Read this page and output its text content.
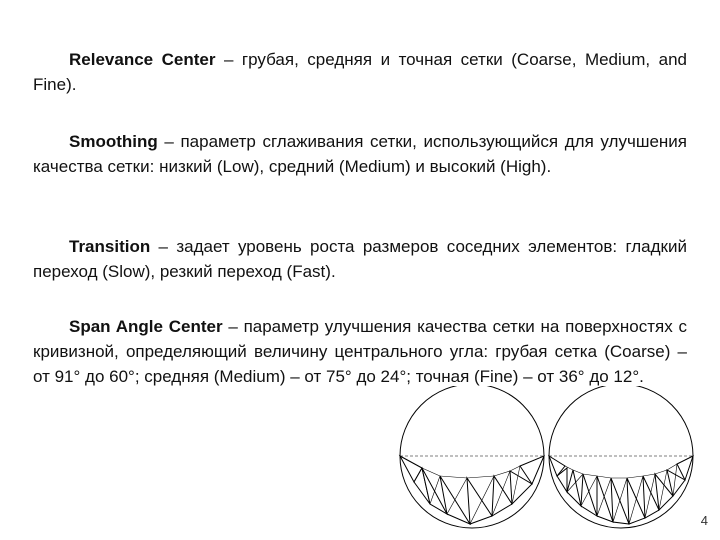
Relevance Center – грубая, средняя и точная сетки (Coarse, Medium, and Fine).

Smoothing – параметр сглаживания сетки, использующийся для улучшения качества сетки: низкий (Low), средний (Medium) и высокий (High).

Transition – задает уровень роста размеров соседних элементов: гладкий переход (Slow), резкий переход (Fast).

Span Angle Center – параметр улучшения качества сетки на поверхностях с кривизной, определяющий величину центрального угла: грубая сетка (Coarse) – от 91° до 60°; средняя (Medium) – от 75° до 24°; точная (Fine) – от 36° до 12°.

4
